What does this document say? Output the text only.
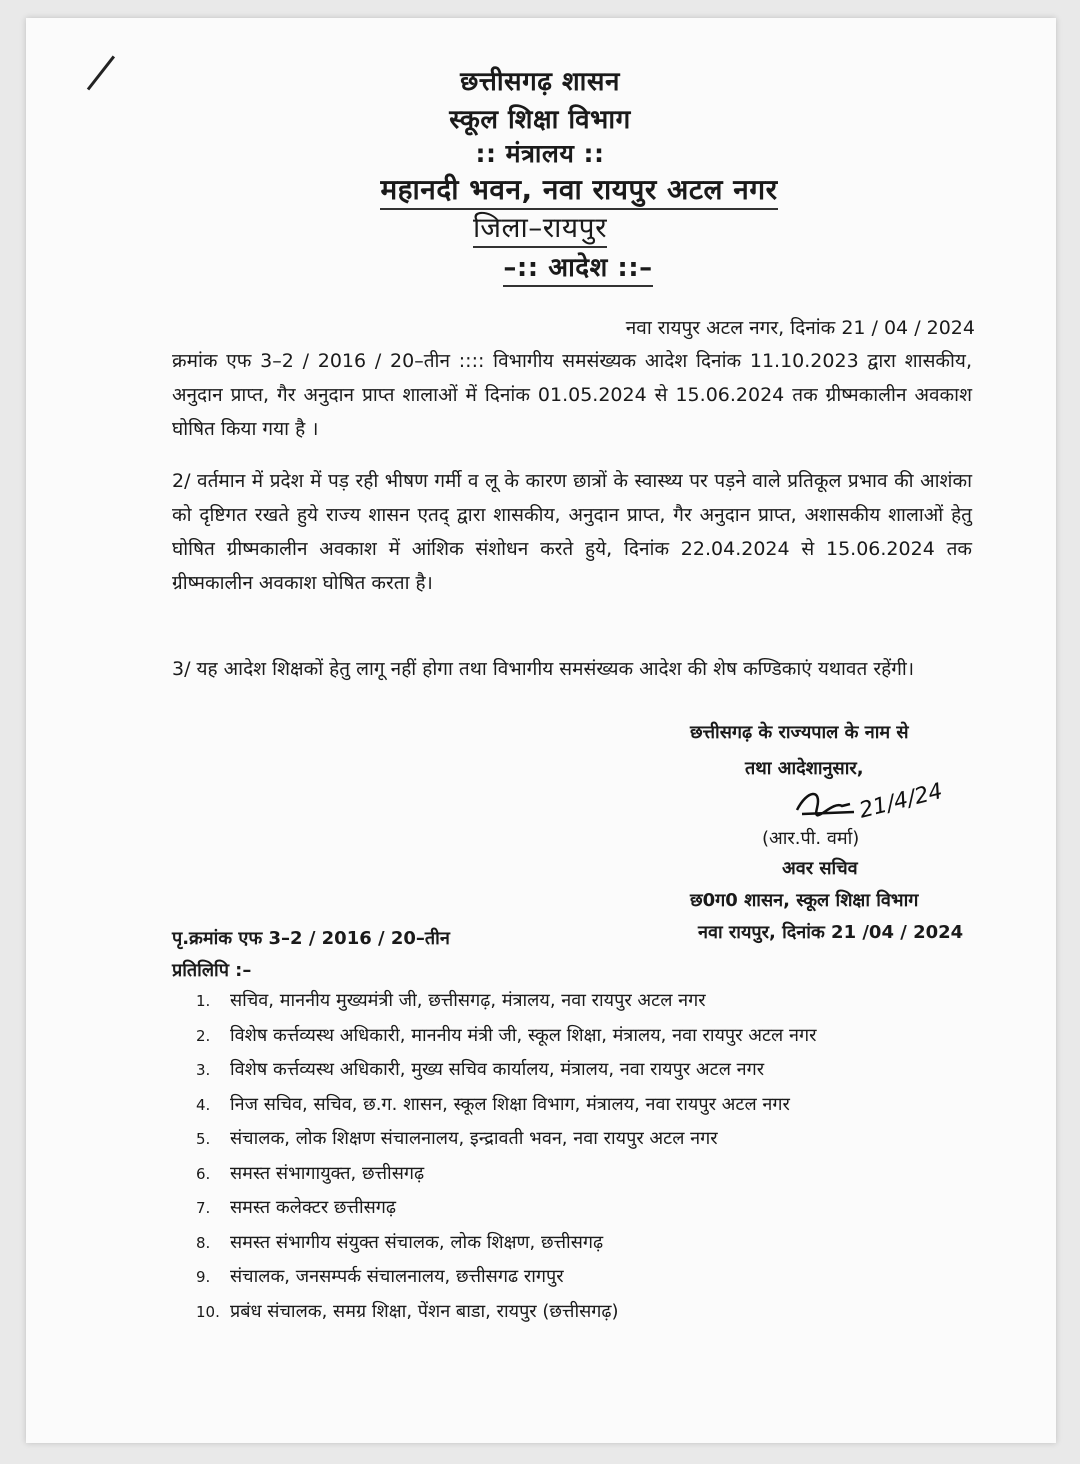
छत्तीसगढ़ शासन
स्कूल शिक्षा विभाग
:: मंत्रालय ::
महानदी भवन, नवा रायपुर अटल नगर
जिला–रायपुर
–:: आदेश ::–
नवा रायपुर अटल नगर, दिनांक 21 / 04 / 2024
क्रमांक एफ 3–2 / 2016 / 20–तीन :::: विभागीय समसंख्यक आदेश दिनांक 11.10.2023 द्वारा शासकीय, अनुदान प्राप्त, गैर अनुदान प्राप्त शालाओं में दिनांक 01.05.2024 से 15.06.2024 तक ग्रीष्मकालीन अवकाश घोषित किया गया है ।
2/ वर्तमान में प्रदेश में पड़ रही भीषण गर्मी व लू के कारण छात्रों के स्वास्थ्य पर पड़ने वाले प्रतिकूल प्रभाव की आशंका को दृष्टिगत रखते हुये राज्य शासन एतद् द्वारा शासकीय, अनुदान प्राप्त, गैर अनुदान प्राप्त, अशासकीय शालाओं हेतु घोषित ग्रीष्मकालीन अवकाश में आंशिक संशोधन करते हुये, दिनांक 22.04.2024 से 15.06.2024 तक ग्रीष्मकालीन अवकाश घोषित करता है।
3/ यह आदेश शिक्षकों हेतु लागू नहीं होगा तथा विभागीय समसंख्यक आदेश की शेष कण्डिकाएं यथावत रहेंगी।
छत्तीसगढ़ के राज्यपाल के नाम से
तथा आदेशानुसार,
21/4/24
(आर.पी. वर्मा)
अवर सचिव
छ0ग0 शासन, स्कूल शिक्षा विभाग
नवा रायपुर, दिनांक 21 /04 / 2024
पृ.क्रमांक एफ 3–2 / 2016 / 20–तीन
प्रतिलिपि :–
1. सचिव, माननीय मुख्यमंत्री जी, छत्तीसगढ़, मंत्रालय, नवा रायपुर अटल नगर
2. विशेष कर्त्तव्यस्थ अधिकारी, माननीय मंत्री जी, स्कूल शिक्षा, मंत्रालय, नवा रायपुर अटल नगर
3. विशेष कर्त्तव्यस्थ अधिकारी, मुख्य सचिव कार्यालय, मंत्रालय, नवा रायपुर अटल नगर
4. निज सचिव, सचिव, छ.ग. शासन, स्कूल शिक्षा विभाग, मंत्रालय, नवा रायपुर अटल नगर
5. संचालक, लोक शिक्षण संचालनालय, इन्द्रावती भवन, नवा रायपुर अटल नगर
6. समस्त संभागायुक्त, छत्तीसगढ़
7. समस्त कलेक्टर छत्तीसगढ़
8. समस्त संभागीय संयुक्त संचालक, लोक शिक्षण, छत्तीसगढ़
9. संचालक, जनसम्पर्क संचालनालय, छत्तीसगढ रागपुर
10. प्रबंध संचालक, समग्र शिक्षा, पेंशन बाडा, रायपुर (छत्तीसगढ़)
